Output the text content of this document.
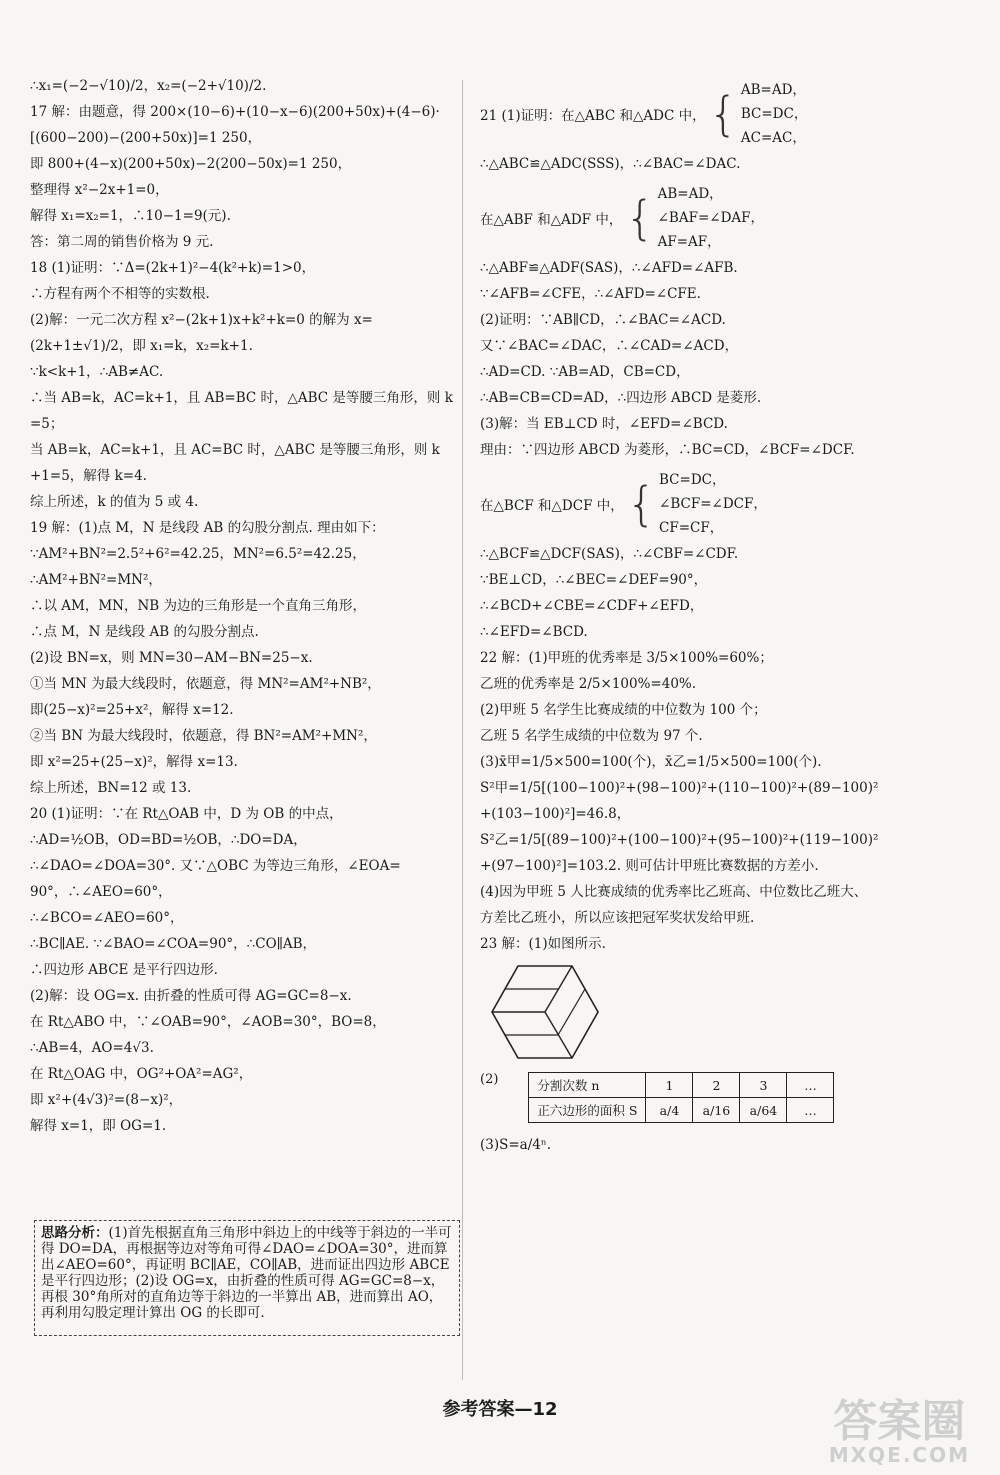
∴x₁=(−2−√10)/2，x₂=(−2+√10)/2.
17 解：由题意，得 200×(10−6)+(10−x−6)(200+50x)+(4−6)·
[(600−200)−(200+50x)]=1 250，
即 800+(4−x)(200+50x)−2(200−50x)=1 250，
整理得 x²−2x+1=0，
解得 x₁=x₂=1，∴10−1=9(元).
答：第二周的销售价格为 9 元.
18 (1)证明：∵Δ=(2k+1)²−4(k²+k)=1>0，
∴方程有两个不相等的实数根.
(2)解：一元二次方程 x²−(2k+1)x+k²+k=0 的解为 x=
(2k+1±√1)/2，即 x₁=k，x₂=k+1.
∵k<k+1，∴AB≠AC.
∴当 AB=k，AC=k+1，且 AB=BC 时，△ABC 是等腰三角形，则 k
=5；
当 AB=k，AC=k+1，且 AC=BC 时，△ABC 是等腰三角形，则 k
+1=5，解得 k=4.
综上所述，k 的值为 5 或 4.
19 解：(1)点 M，N 是线段 AB 的勾股分割点. 理由如下：
∵AM²+BN²=2.5²+6²=42.25，MN²=6.5²=42.25，
∴AM²+BN²=MN²，
∴以 AM，MN，NB 为边的三角形是一个直角三角形，
∴点 M，N 是线段 AB 的勾股分割点.
(2)设 BN=x，则 MN=30−AM−BN=25−x.
①当 MN 为最大线段时，依题意，得 MN²=AM²+NB²，
即(25−x)²=25+x²，解得 x=12.
②当 BN 为最大线段时，依题意，得 BN²=AM²+MN²，
即 x²=25+(25−x)²，解得 x=13.
综上所述，BN=12 或 13.
20 (1)证明：∵在 Rt△OAB 中，D 为 OB 的中点，
∴AD=½OB，OD=BD=½OB，∴DO=DA，
∴∠DAO=∠DOA=30°. 又∵△OBC 为等边三角形，∠EOA=
90°，∴∠AEO=60°，
∴∠BCO=∠AEO=60°，
∴BC∥AE. ∵∠BAO=∠COA=90°，∴CO∥AB，
∴四边形 ABCE 是平行四边形.
(2)解：设 OG=x. 由折叠的性质可得 AG=GC=8−x.
在 Rt△ABO 中，∵∠OAB=90°，∠AOB=30°，BO=8，
∴AB=4，AO=4√3.
在 Rt△OAG 中，OG²+OA²=AG²，
即 x²+(4√3)²=(8−x)²，
解得 x=1，即 OG=1.
思路分析：(1)首先根据直角三角形中斜边上的中线等于斜边的一半可得 DO=DA，再根据等边对等角可得∠DAO=∠DOA=30°，进而算出∠AEO=60°，再证明 BC∥AE，CO∥AB，进而证出四边形 ABCE 是平行四边形；(2)设 OG=x，由折叠的性质可得 AG=GC=8−x，再根 30°角所对的直角边等于斜边的一半算出 AB，进而算出 AO，再利用勾股定理计算出 OG 的长即可.
21 (1)证明：在△ABC 和△ADC 中， { AB=AD，
BC=DC，
AC=AC，
∴△ABC≌△ADC(SSS)，∴∠BAC=∠DAC.
在△ABF 和△ADF 中， { AB=AD，
∠BAF=∠DAF，
AF=AF，
∴△ABF≌△ADF(SAS)，∴∠AFD=∠AFB.
∵∠AFB=∠CFE，∴∠AFD=∠CFE.
(2)证明：∵AB∥CD，∴∠BAC=∠ACD.
又∵∠BAC=∠DAC，∴∠CAD=∠ACD，
∴AD=CD. ∵AB=AD，CB=CD，
∴AB=CB=CD=AD，∴四边形 ABCD 是菱形.
(3)解：当 EB⊥CD 时，∠EFD=∠BCD.
理由：∵四边形 ABCD 为菱形，∴BC=CD，∠BCF=∠DCF.
在△BCF 和△DCF 中， { BC=DC，
∠BCF=∠DCF，
CF=CF，
∴△BCF≌△DCF(SAS)，∴∠CBF=∠CDF.
∵BE⊥CD，∴∠BEC=∠DEF=90°，
∴∠BCD+∠CBE=∠CDF+∠EFD，
∴∠EFD=∠BCD.
22 解：(1)甲班的优秀率是 3/5×100%=60%；
乙班的优秀率是 2/5×100%=40%.
(2)甲班 5 名学生比赛成绩的中位数为 100 个；
乙班 5 名学生成绩的中位数为 97 个.
(3)x̄甲=1/5×500=100(个)，x̄乙=1/5×500=100(个).
S²甲=1/5[(100−100)²+(98−100)²+(110−100)²+(89−100)²
+(103−100)²]=46.8，
S²乙=1/5[(89−100)²+(100−100)²+(95−100)²+(119−100)²
+(97−100)²]=103.2. 则可估计甲班比赛数据的方差小.
(4)因为甲班 5 人比赛成绩的优秀率比乙班高、中位数比乙班大、
方差比乙班小，所以应该把冠军奖状发给甲班.
23 解：(1)如图所示.
(2)	分割次数 n	1	2	3	…
正六边形的面积 S	a/4	a/16	a/64	…
(3)S=a/4ⁿ.
参考答案—12	答案圈
MXQE.COM
